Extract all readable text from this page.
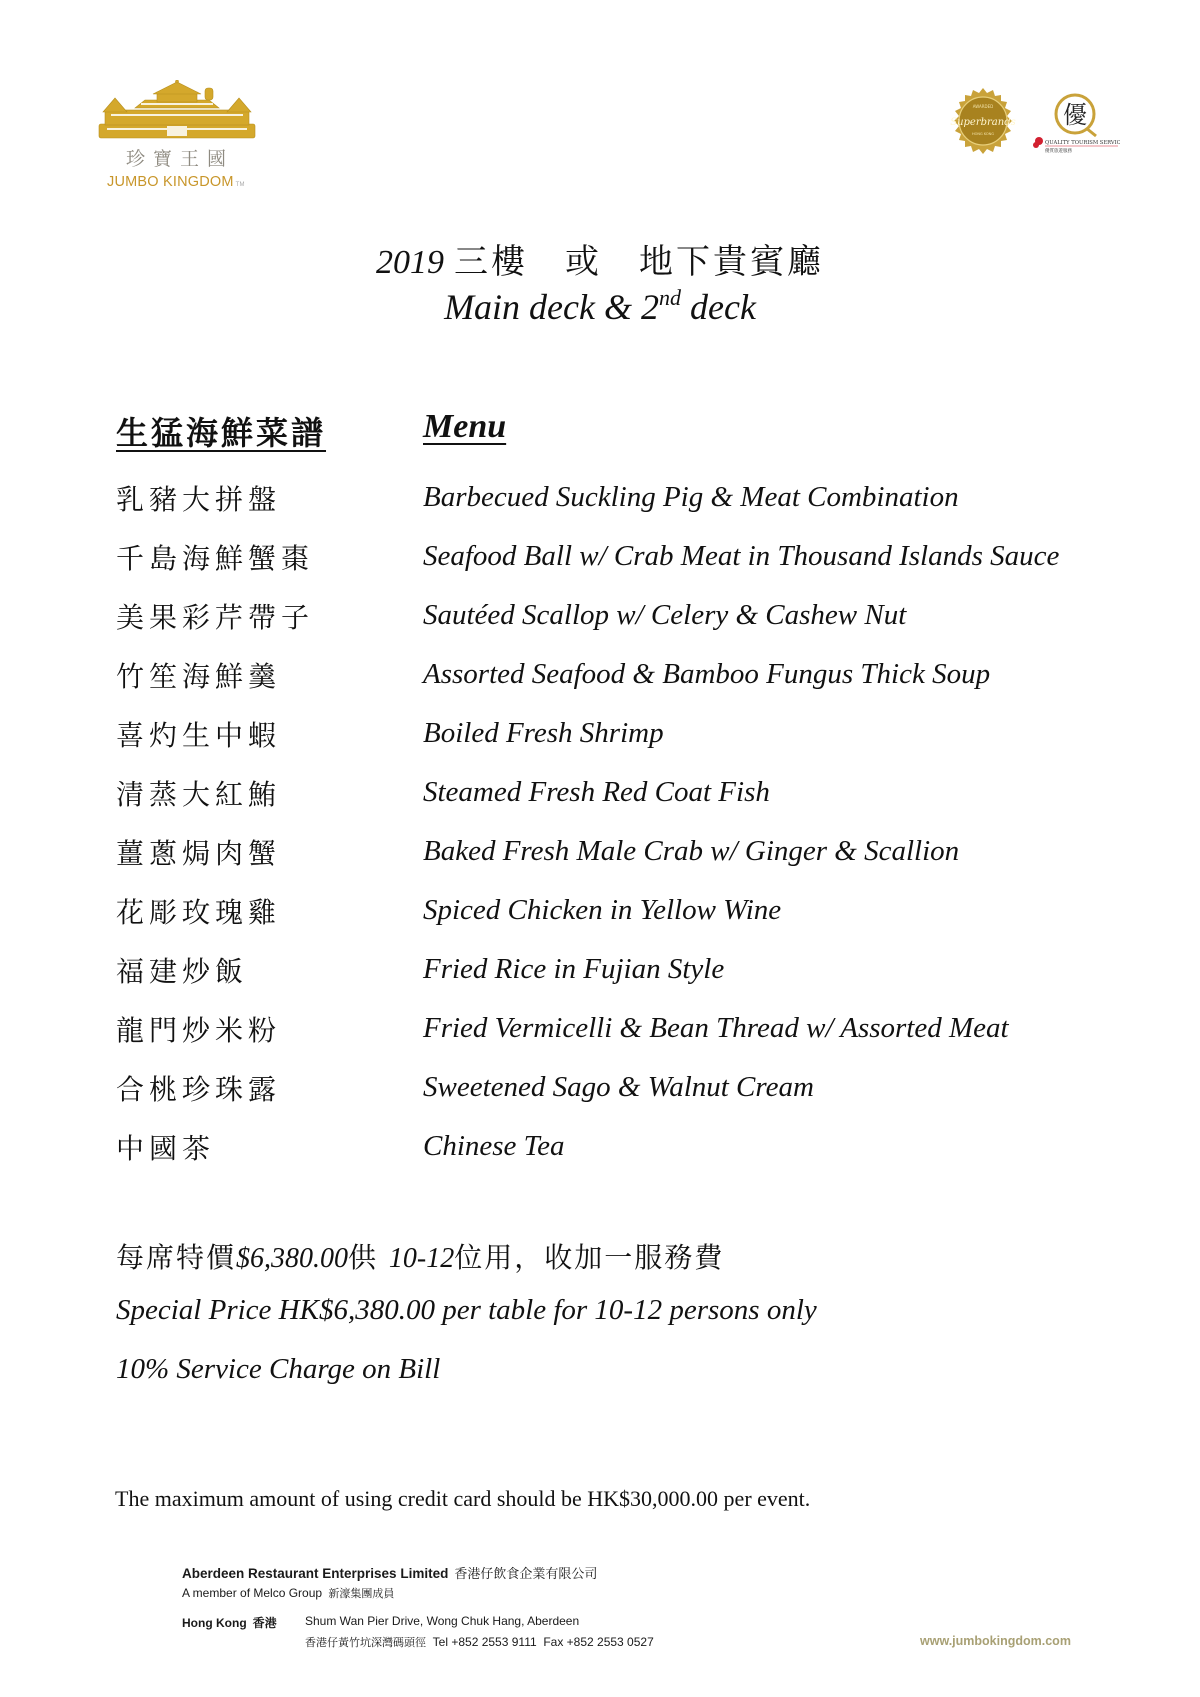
珍寶王國
JUMBO KINGDOM TM
AWARDED
Superbrands
HONG KONG
優
QUALITY TOURISM SERVICES
優質旅遊服務
2019 三樓　或　地下貴賓廳
Main deck & 2nd deck
生猛海鮮菜譜	Menu
乳豬大拼盤	Barbecued Suckling Pig & Meat Combination
千島海鮮蟹棗	Seafood Ball w/ Crab Meat in Thousand Islands Sauce
美果彩芹帶子	Sautéed Scallop w/ Celery & Cashew Nut
竹笙海鮮羹	Assorted Seafood & Bamboo Fungus Thick Soup
喜灼生中蝦	Boiled Fresh Shrimp
清蒸大紅鮪	Steamed Fresh Red Coat Fish
薑蔥焗肉蟹	Baked Fresh Male Crab w/ Ginger & Scallion
花彫玫瑰雞	Spiced Chicken in Yellow Wine
福建炒飯	Fried Rice in Fujian Style
龍門炒米粉	Fried Vermicelli & Bean Thread w/ Assorted Meat
合桃珍珠露	Sweetened Sago & Walnut Cream
中國茶	Chinese Tea
每席特價$6,380.00供 10-12位用，收加一服務費
Special Price HK$6,380.00 per table for 10-12 persons only
10% Service Charge on Bill
The maximum amount of using credit card should be HK$30,000.00 per event.
Aberdeen Restaurant Enterprises Limited 香港仔飲食企業有限公司
A member of Melco Group 新濠集團成員
Hong Kong 香港 Shum Wan Pier Drive, Wong Chuk Hang, Aberdeen
香港仔黃竹坑深灣碼頭徑 Tel +852 2553 9111 Fax +852 2553 0527	www.jumbokingdom.com
